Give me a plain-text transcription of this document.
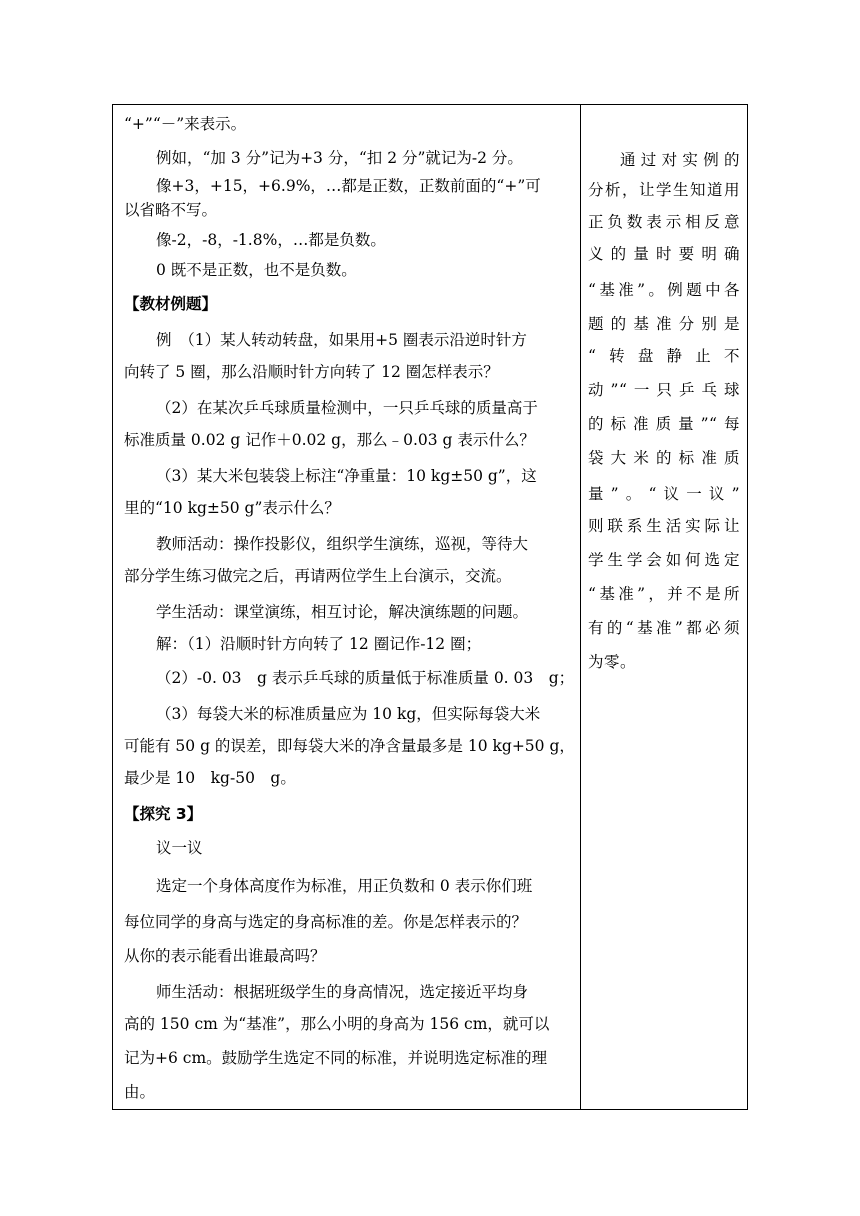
“+”“－”来表示。
例如，“加 3 分”记为+3 分，“扣 2 分”就记为-2 分。
像+3，+15，+6.9%，…都是正数，正数前面的“+”可
以省略不写。
像-2，-8，-1.8%，…都是负数。
0 既不是正数，也不是负数。
【教材例题】
例　（1）某人转动转盘，如果用+5 圈表示沿逆时针方
向转了 5 圈，那么沿顺时针方向转了 12 圈怎样表示？
（2）在某次乒乓球质量检测中，一只乒乓球的质量高于
标准质量 0.02 g 记作＋0.02 g，那么﹣0.03 g 表示什么？
（3）某大米包装袋上标注“净重量：10 kg±50 g”，这
里的“10 kg±50 g”表示什么？
教师活动：操作投影仪，组织学生演练，巡视，等待大
部分学生练习做完之后，再请两位学生上台演示，交流。
学生活动：课堂演练，相互讨论，解决演练题的问题。
解：（1）沿顺时针方向转了 12 圈记作-12 圈；
（2）-0. 03　g 表示乒乓球的质量低于标准质量 0. 03　g；
（3）每袋大米的标准质量应为 10 kg，但实际每袋大米
可能有 50 g 的误差，即每袋大米的净含量最多是 10 kg+50 g，
最少是 10　kg-50　g。
【探究 3】
议一议
选定一个身体高度作为标准，用正负数和 0 表示你们班
每位同学的身高与选定的身高标准的差。你是怎样表示的？
从你的表示能看出谁最高吗？
师生活动：根据班级学生的身高情况，选定接近平均身
高的 150 cm 为“基准”，那么小明的身高为 156 cm，就可以
记为+6 cm。鼓励学生选定不同的标准，并说明选定标准的理
由。
通过对实例的
分析，让学生知道用
正负数表示相反意
义的量时要明确
“基准”。例题中各
题的基准分别是
“转盘静止不
动”“一只乒乓球
的标准质量”“每
袋大米的标准质
量”。“议一议”
则联系生活实际让
学生学会如何选定
“基准”，并不是所
有的“基准”都必须
为零。
